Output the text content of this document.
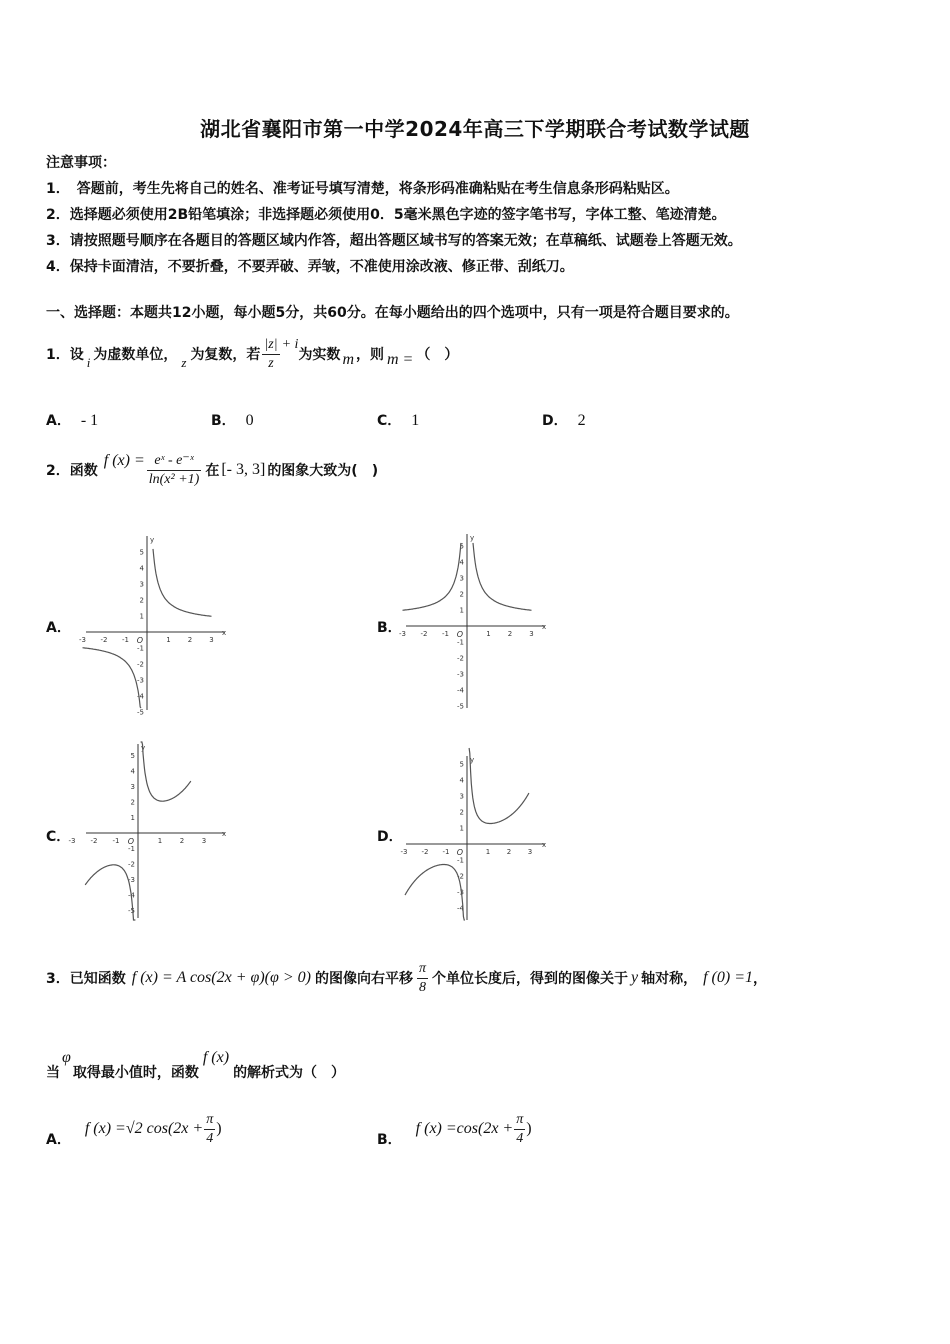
湖北省襄阳市第一中学2024年高三下学期联合考试数学试题
注意事项：
1．　答题前，考生先将自己的姓名、准考证号填写清楚，将条形码准确粘贴在考生信息条形码粘贴区。
2．选择题必须使用2B铅笔填涂；非选择题必须使用0．5毫米黑色字迹的签字笔书写，字体工整、笔迹清楚。
3．请按照题号顺序在各题目的答题区域内作答，超出答题区域书写的答案无效；在草稿纸、试题卷上答题无效。
4．保持卡面清洁，不要折叠，不要弄破、弄皱，不准使用涂改液、修正带、刮纸刀。
一、选择题：本题共12小题，每小题5分，共60分。在每小题给出的四个选项中，只有一项是符合题目要求的。
1．设 i 为虚数单位， z 为复数，若 $\frac{|z|}{z} + i$
为实数 m ，则 m = （　）
A． - 1	B． 0	C． 1	D． 2
2．函数
f $(x) = \frac{\text{eˣ - e⁻ˣ}}{\text{ln(x² +1)}}$ 在 [- 3, 3] 的图象大致为(　)
A．	B．
C．	D．
-3 -2 -1	1 2 3
5
4
3
2
1
-1
-2
-3
-4
-5
O
x
y
-3 -2 -1	1 2 3
5
4
3
2
1
-1
-2
-3
-4
-5
O
x
y
-3 -2 -1	1	2	3
5
4
3
2
1
-1
-2
-3
-4
-5
O
x
y
-3 -2 -1	1 2 3
5
4
3
2
1
-1
-2
-3
-4
O
x
y
3．已知函数 f (x) = A cos(2x + φ)(φ > 0) 的图像向右平移 $\frac{\pi}{8}$ 个单位长度后，得到的图像关于 y 轴对称， f (0) =1 ，
当
φ
取得最小值时，函数
f (x)
的解析式为（　）
A．
f (x) =√2 $\cos(2x + \frac{\pi}{4}$ )
B．
f $(x) =\cos(2x + \frac{\pi}{4}$ )
